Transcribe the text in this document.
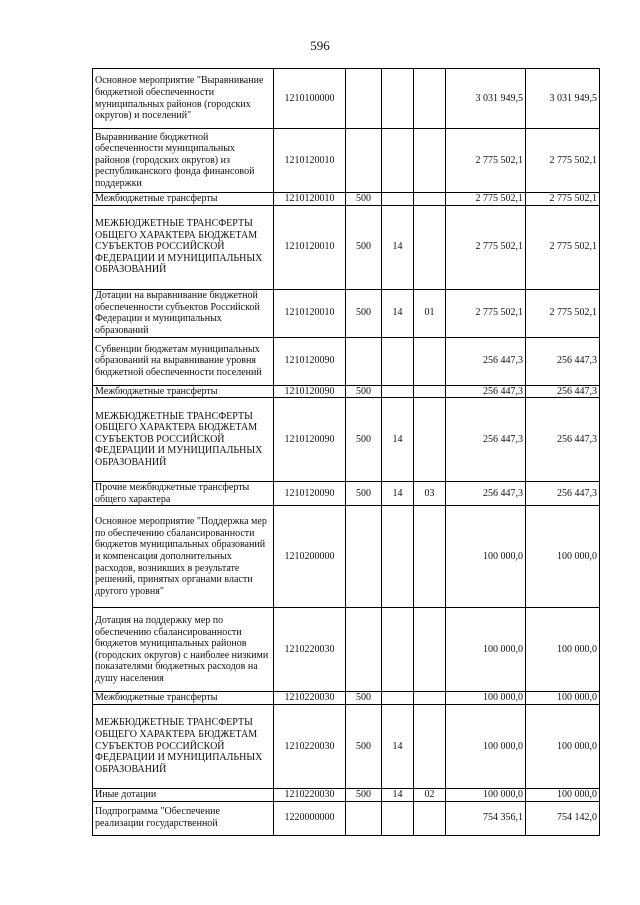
596
Основное мероприятие "Выравнивание бюджетной обеспеченности муниципальных районов (городских округов) и поселений"	1210100000				3 031 949,5	3 031 949,5
Выравнивание бюджетной обеспеченности муниципальных районов (городских округов) из республиканского фонда финансовой поддержки	1210120010				2 775 502,1	2 775 502,1
Межбюджетные трансферты	1210120010	500			2 775 502,1	2 775 502,1
МЕЖБЮДЖЕТНЫЕ ТРАНСФЕРТЫ ОБЩЕГО ХАРАКТЕРА БЮДЖЕТАМ СУБЪЕКТОВ РОССИЙСКОЙ ФЕДЕРАЦИИ И МУНИЦИПАЛЬНЫХ ОБРАЗОВАНИЙ	1210120010	500	14		2 775 502,1	2 775 502,1
Дотации на выравнивание бюджетной обеспеченности субъектов Российской Федерации и муниципальных образований	1210120010	500	14	01	2 775 502,1	2 775 502,1
Субвенции бюджетам муниципальных образований на выравнивание уровня бюджетной обеспеченности поселений	1210120090				256 447,3	256 447,3
Межбюджетные трансферты	1210120090	500			256 447,3	256 447,3
МЕЖБЮДЖЕТНЫЕ ТРАНСФЕРТЫ ОБЩЕГО ХАРАКТЕРА БЮДЖЕТАМ СУБЪЕКТОВ РОССИЙСКОЙ ФЕДЕРАЦИИ И МУНИЦИПАЛЬНЫХ ОБРАЗОВАНИЙ	1210120090	500	14		256 447,3	256 447,3
Прочие межбюджетные трансферты общего характера	1210120090	500	14	03	256 447,3	256 447,3
Основное мероприятие "Поддержка мер по обеспечению сбалансированности бюджетов муниципальных образований и компенсация дополнительных расходов, возникших в результате решений, принятых органами власти другого уровня"	1210200000				100 000,0	100 000,0
Дотация на поддержку мер по обеспечению сбалансированности бюджетов муниципальных районов (городских округов) с наиболее низкими показателями бюджетных расходов на душу населения	1210220030				100 000,0	100 000,0
Межбюджетные трансферты	1210220030	500			100 000,0	100 000,0
МЕЖБЮДЖЕТНЫЕ ТРАНСФЕРТЫ ОБЩЕГО ХАРАКТЕРА БЮДЖЕТАМ СУБЪЕКТОВ РОССИЙСКОЙ ФЕДЕРАЦИИ И МУНИЦИПАЛЬНЫХ ОБРАЗОВАНИЙ	1210220030	500	14		100 000,0	100 000,0
Иные дотации	1210220030	500	14	02	100 000,0	100 000,0
Подпрограмма "Обеспечение реализации государственной	1220000000				754 356,1	754 142,0
